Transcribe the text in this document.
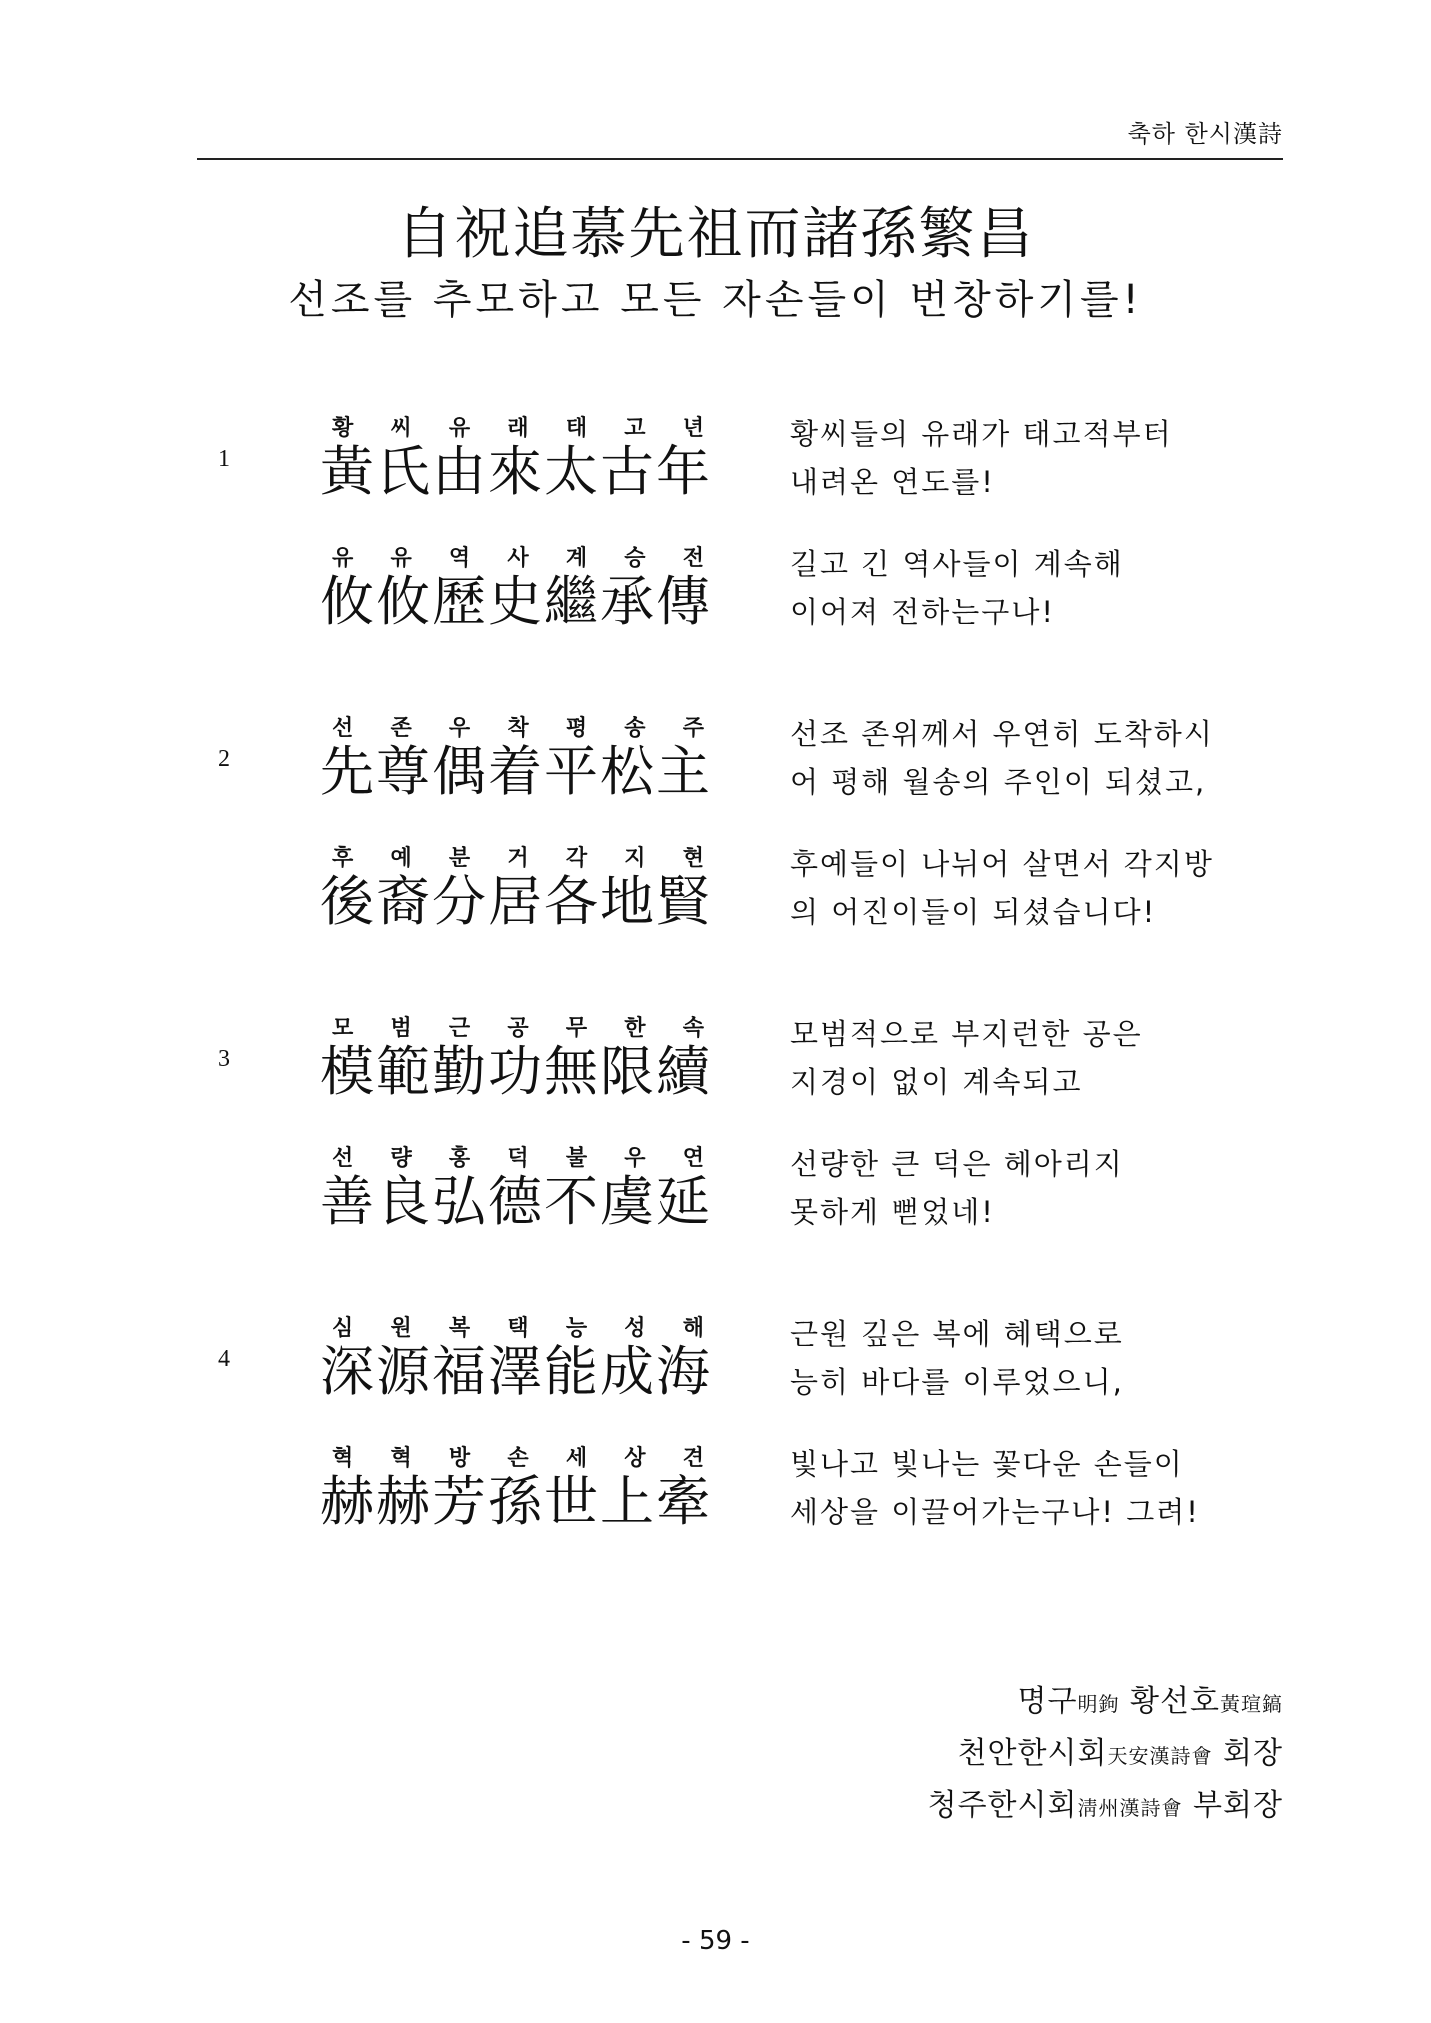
축하 한시漢詩
自祝追慕先祖而諸孫繁昌
선조를 추모하고 모든 자손들이 번창하기를!
1
황 씨 유 래 태 고 년
黃氏由來太古年
황씨들의 유래가 태고적부터
내려온 연도를!
유 유 역 사 계 승 전
攸攸歷史繼承傳
길고 긴 역사들이 계속해
이어져 전하는구나!
2
선 존 우 착 평 송 주
先尊偶着平松主
선조 존위께서 우연히 도착하시
어 평해 월송의 주인이 되셨고,
후 예 분 거 각 지 현
後裔分居各地賢
후예들이 나뉘어 살면서 각지방
의 어진이들이 되셨습니다!
3
모 범 근 공 무 한 속
模範勤功無限續
모범적으로 부지런한 공은
지경이 없이 계속되고
선 량 홍 덕 불 우 연
善良弘德不虞延
선량한 큰 덕은 헤아리지
못하게 뻗었네!
4
심 원 복 택 능 성 해
深源福澤能成海
근원 깊은 복에 혜택으로
능히 바다를 이루었으니,
혁 혁 방 손 세 상 견
赫赫芳孫世上牽
빛나고 빛나는 꽃다운 손들이
세상을 이끌어가는구나! 그려!
명구明鉤 황선호黃瑄鎬
천안한시회天安漢詩會 회장
청주한시회淸州漢詩會 부회장
- 59 -
